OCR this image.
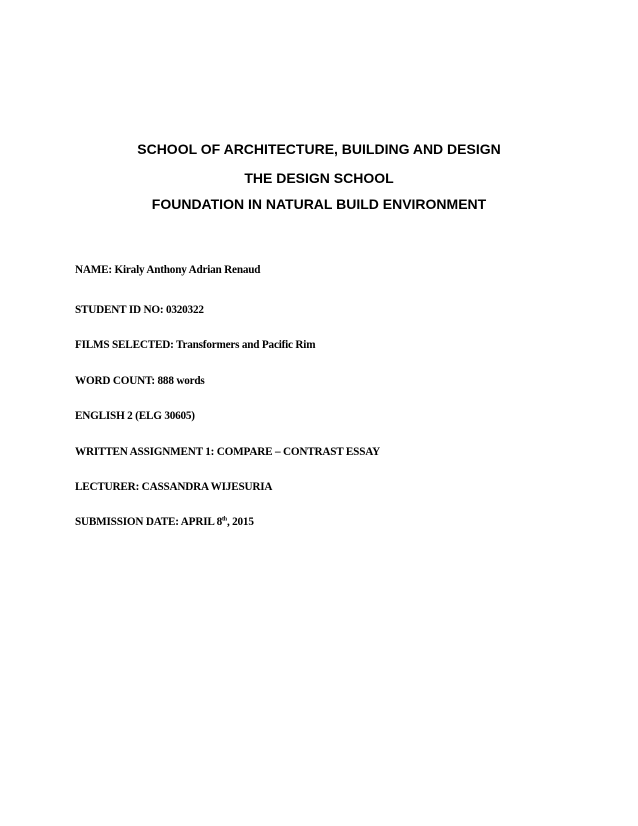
SCHOOL OF ARCHITECTURE, BUILDING AND DESIGN
THE DESIGN SCHOOL
FOUNDATION IN NATURAL BUILD ENVIRONMENT
NAME: Kiraly Anthony Adrian Renaud
STUDENT ID NO: 0320322
FILMS SELECTED: Transformers and Pacific Rim
WORD COUNT: 888 words
ENGLISH 2 (ELG 30605)
WRITTEN ASSIGNMENT 1: COMPARE – CONTRAST ESSAY
LECTURER: CASSANDRA WIJESURIA
SUBMISSION DATE: APRIL 8th, 2015
